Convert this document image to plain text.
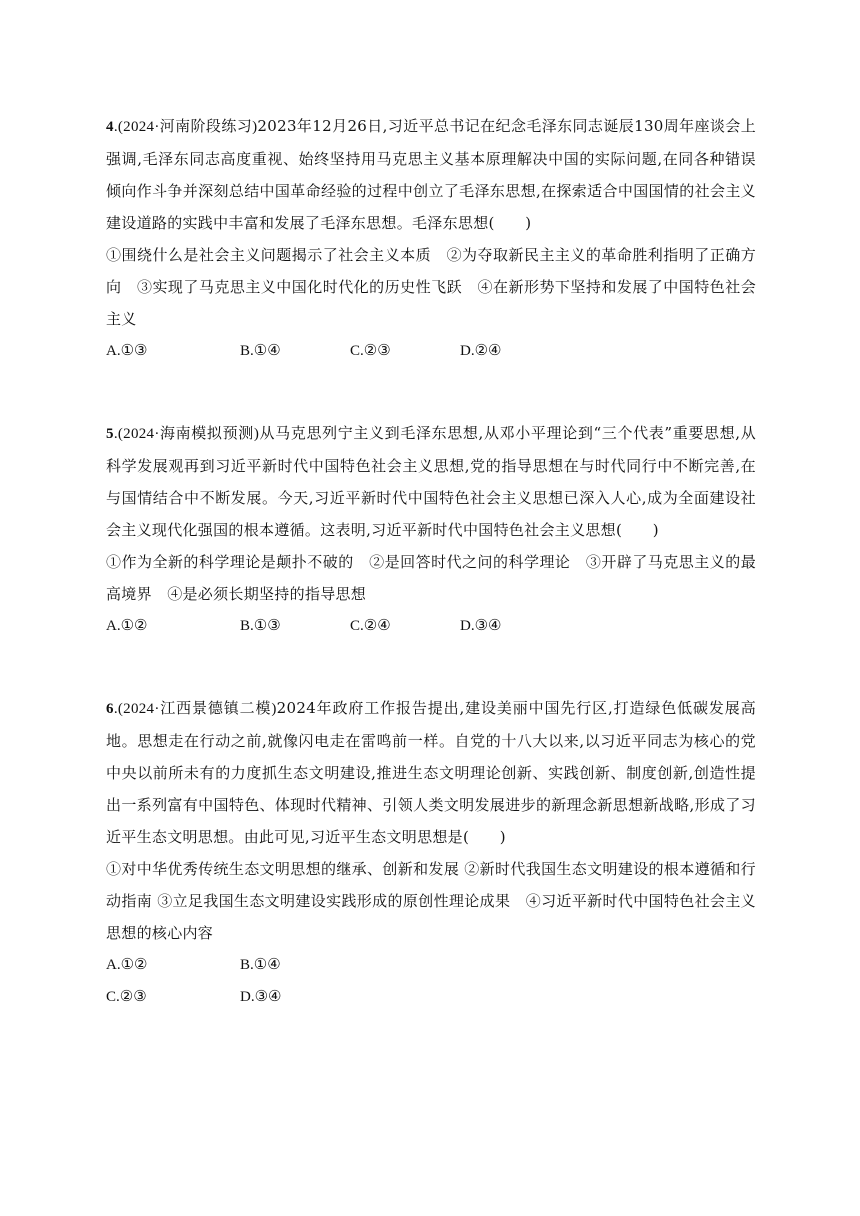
4.(2024·河南阶段练习)2023年12月26日,习近平总书记在纪念毛泽东同志诞辰130周年座谈会上强调,毛泽东同志高度重视、始终坚持用马克思主义基本原理解决中国的实际问题,在同各种错误倾向作斗争并深刻总结中国革命经验的过程中创立了毛泽东思想,在探索适合中国国情的社会主义建设道路的实践中丰富和发展了毛泽东思想。毛泽东思想(　　)

①围绕什么是社会主义问题揭示了社会主义本质　②为夺取新民主主义的革命胜利指明了正确方向　③实现了马克思主义中国化时代化的历史性飞跃　④在新形势下坚持和发展了中国特色社会主义

A.①③	B.①④	C.②③	D.②④

5.(2024·海南模拟预测)从马克思列宁主义到毛泽东思想,从邓小平理论到“三个代表”重要思想,从科学发展观再到习近平新时代中国特色社会主义思想,党的指导思想在与时代同行中不断完善,在与国情结合中不断发展。今天,习近平新时代中国特色社会主义思想已深入人心,成为全面建设社会主义现代化强国的根本遵循。这表明,习近平新时代中国特色社会主义思想(　　)

①作为全新的科学理论是颠扑不破的　②是回答时代之问的科学理论　③开辟了马克思主义的最高境界　④是必须长期坚持的指导思想

A.①②	B.①③	C.②④	D.③④

6.(2024·江西景德镇二模)2024年政府工作报告提出,建设美丽中国先行区,打造绿色低碳发展高地。思想走在行动之前,就像闪电走在雷鸣前一样。自党的十八大以来,以习近平同志为核心的党中央以前所未有的力度抓生态文明建设,推进生态文明理论创新、实践创新、制度创新,创造性提出一系列富有中国特色、体现时代精神、引领人类文明发展进步的新理念新思想新战略,形成了习近平生态文明思想。由此可见,习近平生态文明思想是(　　)

①对中华优秀传统生态文明思想的继承、创新和发展 ②新时代我国生态文明建设的根本遵循和行动指南 ③立足我国生态文明建设实践形成的原创性理论成果　④习近平新时代中国特色社会主义思想的核心内容

A.①②	B.①④
C.②③	D.③④
